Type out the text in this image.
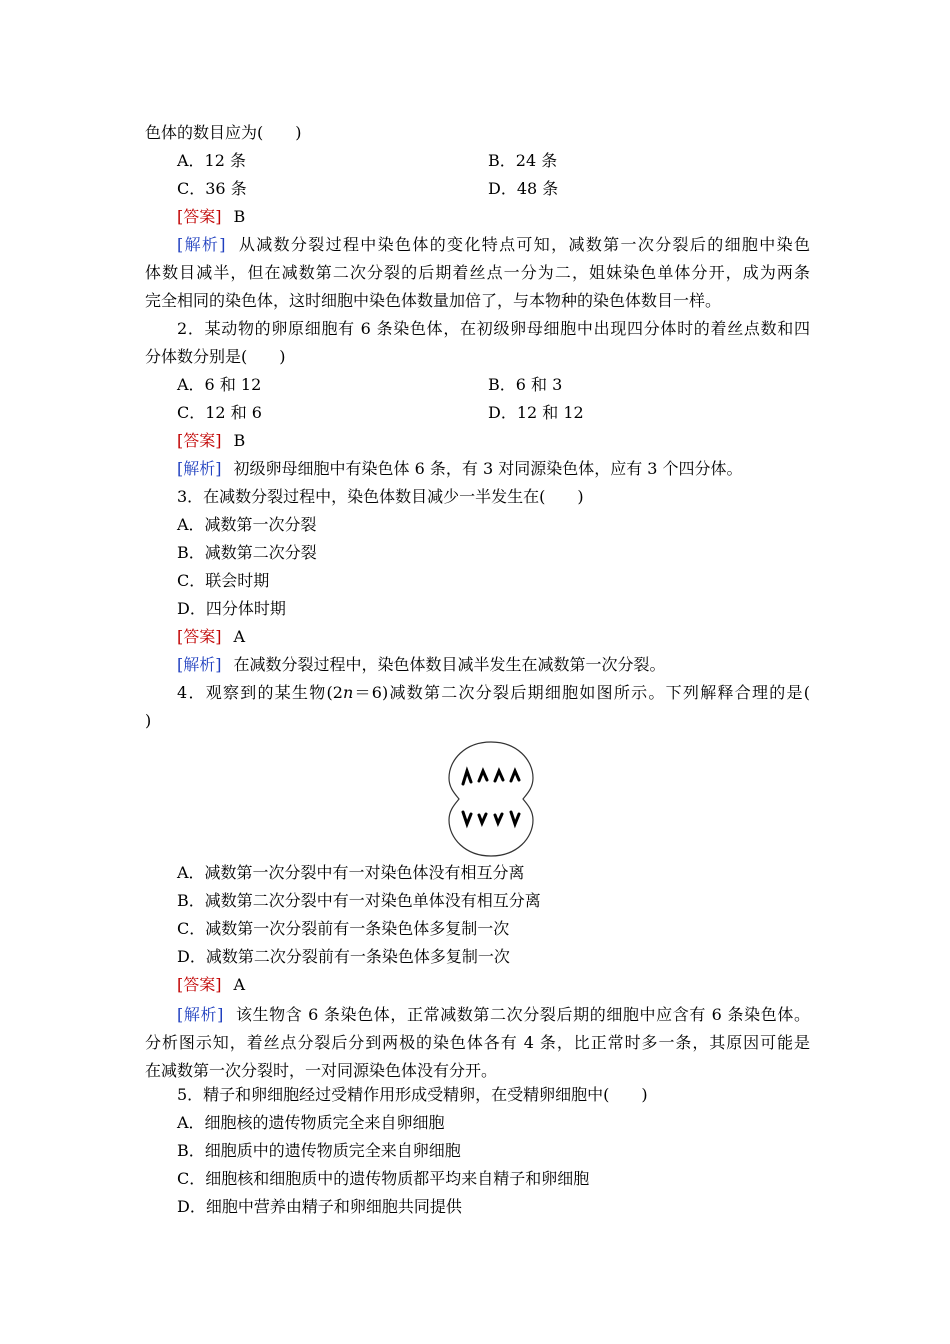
色体的数目应为(　　)
A．12 条	B．24 条
C．36 条	D．48 条
[答案] B
[解析] 从减数分裂过程中染色体的变化特点可知，减数第一次分裂后的细胞中染色
体数目减半，但在减数第二次分裂的后期着丝点一分为二，姐妹染色单体分开，成为两条
完全相同的染色体，这时细胞中染色体数量加倍了，与本物种的染色体数目一样。
2．某动物的卵原细胞有 6 条染色体，在初级卵母细胞中出现四分体时的着丝点数和四
分体数分别是(　　)
A．6 和 12	B．6 和 3
C．12 和 6	D．12 和 12
[答案] B
[解析] 初级卵母细胞中有染色体 6 条，有 3 对同源染色体，应有 3 个四分体。
3．在减数分裂过程中，染色体数目减少一半发生在(　　)
A．减数第一次分裂
B．减数第二次分裂
C．联会时期
D．四分体时期
[答案] A
[解析] 在减数分裂过程中，染色体数目减半发生在减数第一次分裂。
4．观察到的某生物(2n＝6)减数第二次分裂后期细胞如图所示。下列解释合理的是(
)
A．减数第一次分裂中有一对染色体没有相互分离
B．减数第二次分裂中有一对染色单体没有相互分离
C．减数第一次分裂前有一条染色体多复制一次
D．减数第二次分裂前有一条染色体多复制一次
[答案] A
[解析] 该生物含 6 条染色体，正常减数第二次分裂后期的细胞中应含有 6 条染色体。
分析图示知，着丝点分裂后分到两极的染色体各有 4 条，比正常时多一条，其原因可能是
在减数第一次分裂时，一对同源染色体没有分开。
5．精子和卵细胞经过受精作用形成受精卵，在受精卵细胞中(　　)
A．细胞核的遗传物质完全来自卵细胞
B．细胞质中的遗传物质完全来自卵细胞
C．细胞核和细胞质中的遗传物质都平均来自精子和卵细胞
D．细胞中营养由精子和卵细胞共同提供
